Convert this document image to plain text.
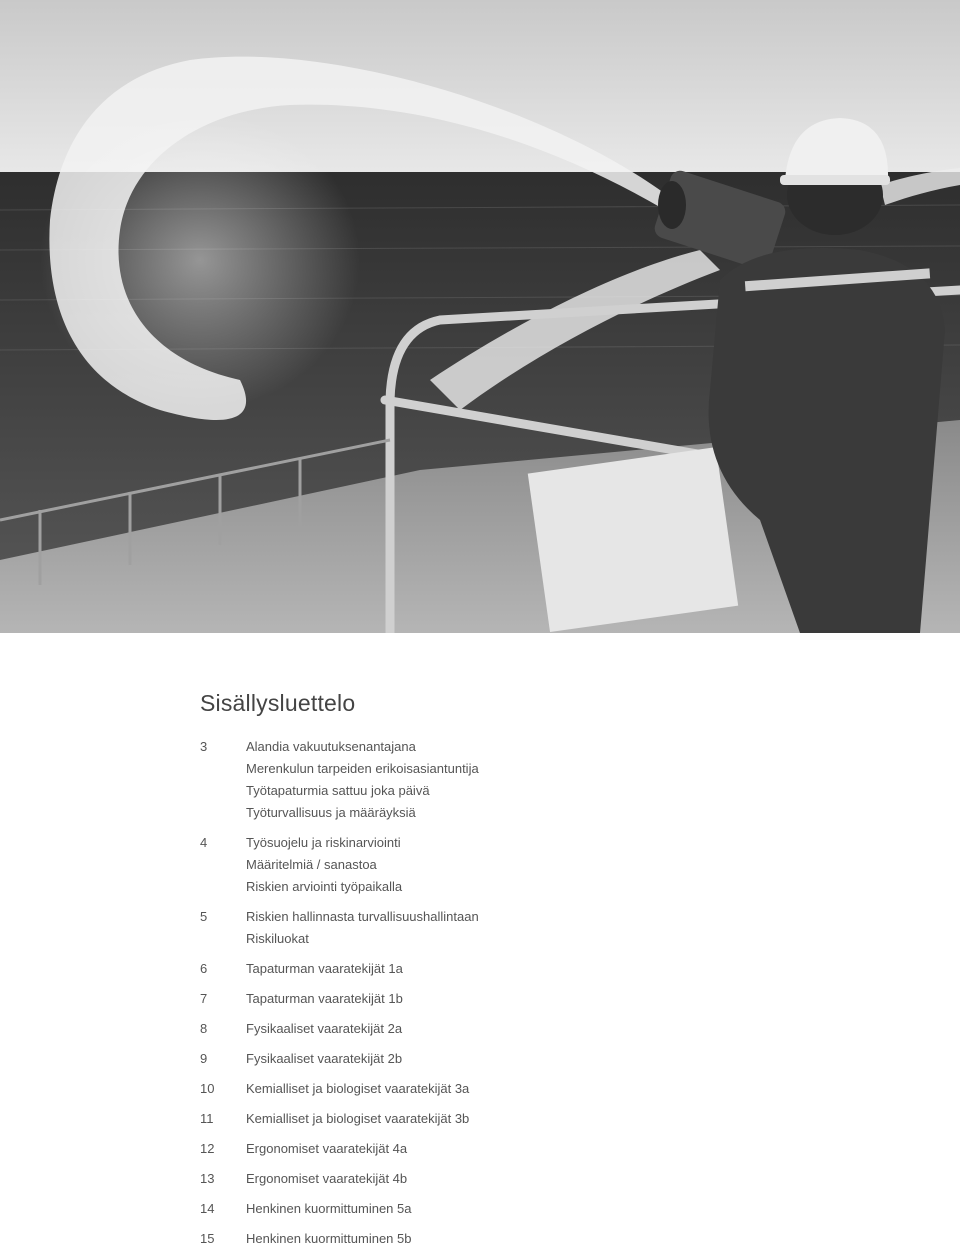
Sisällysluettelo
3	Alandia vakuutuksenantajana
Merenkulun tarpeiden erikoisasiantuntija
Työtapaturmia sattuu joka päivä
Työturvallisuus ja määräyksiä
4	Työsuojelu ja riskinarviointi
Määritelmiä / sanastoa
Riskien arviointi työpaikalla
5	Riskien hallinnasta turvallisuushallintaan
Riskiluokat
6	Tapaturman vaaratekijät 1a
7	Tapaturman vaaratekijät 1b
8	Fysikaaliset vaaratekijät 2a
9	Fysikaaliset vaaratekijät 2b
10	Kemialliset ja biologiset vaaratekijät 3a
11	Kemialliset ja biologiset vaaratekijät 3b
12	Ergonomiset vaaratekijät 4a
13	Ergonomiset vaaratekijät 4b
14	Henkinen kuormittuminen 5a
15	Henkinen kuormittuminen 5b
